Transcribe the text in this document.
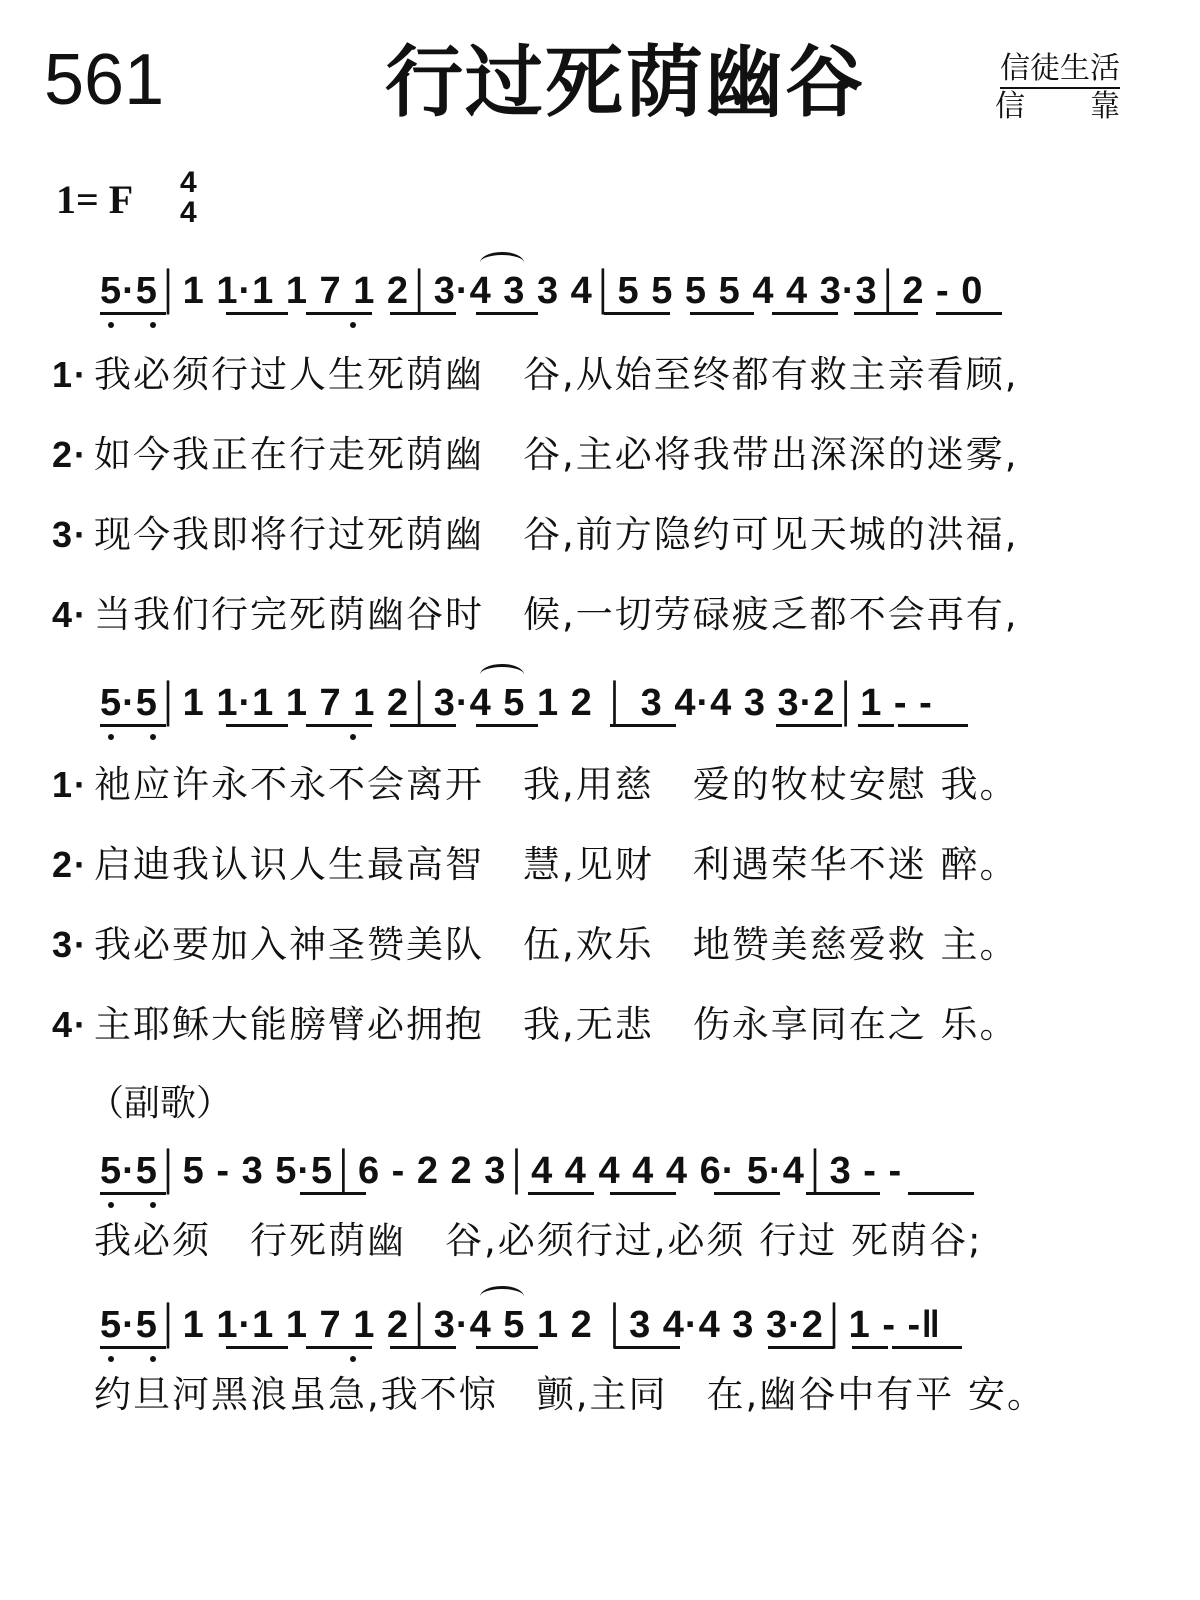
561	行过死荫幽谷	信徒生活
信 靠
1= F 4
4
5·5│1 1·1 1 7 1 2│3·4 3 3 4│5 5 5 5 4 4 3·3│2 - 0
1· 我必须行过人生死荫幽　谷,从始至终都有救主亲看顾,
2· 如今我正在行走死荫幽　谷,主必将我带出深深的迷雾,
3· 现今我即将行过死荫幽　谷,前方隐约可见天城的洪福,
4· 当我们行完死荫幽谷时　候,一切劳碌疲乏都不会再有,
5·5│1 1·1 1 7 1 2│3·4 5 1 2 │ 3 4·4 3 3·2│1 - -
1· 祂应许永不永不会离开　我,用慈　爱的牧杖安慰 我。
2· 启迪我认识人生最高智　慧,见财　利遇荣华不迷 醉。
3· 我必要加入神圣赞美队　伍,欢乐　地赞美慈爱救 主。
4· 主耶稣大能膀臂必拥抱　我,无悲　伤永享同在之 乐。
（副歌）
5·5│5 - 3 5·5│6 - 2 2 3│4 4 4 4 4 6· 5·4│3 - -
我必须　行死荫幽　谷,必须行过,必须 行过 死荫谷;
5·5│1 1·1 1 7 1 2│3·4 5 1 2 │3 4·4 3 3·2│1 - -‖
约旦河黑浪虽急,我不惊　颤,主同　在,幽谷中有平 安。
